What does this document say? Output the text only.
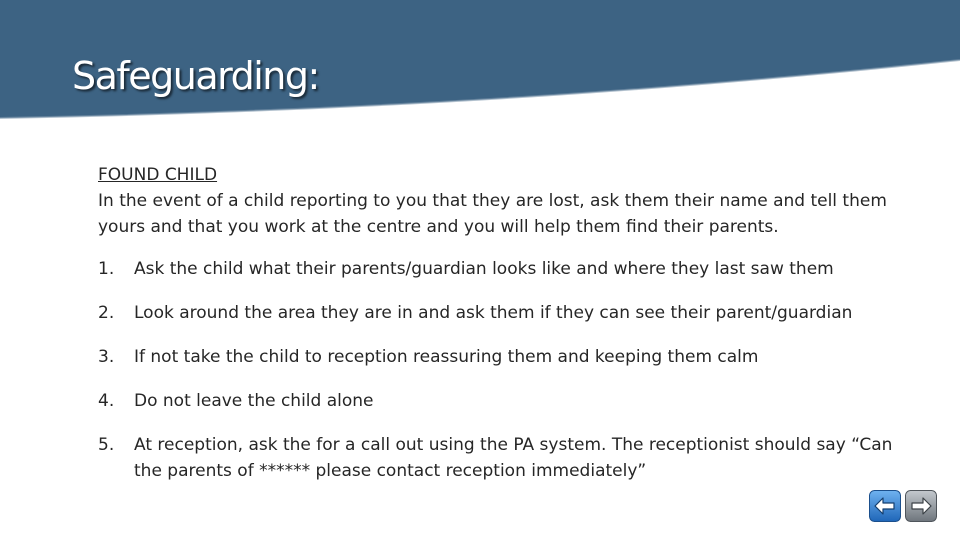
Safeguarding:
FOUND CHILD

In the event of a child reporting to you that they are lost, ask them their name and tell them yours and that you work at the centre and you will help them find their parents.

1. Ask the child what their parents/guardian looks like and where they last saw them
2. Look around the area they are in and ask them if they can see their parent/guardian
3. If not take the child to reception reassuring them and keeping them calm
4. Do not leave the child alone
5. At reception, ask the for a call out using the PA system. The receptionist should say “Can the parents of ****** please contact reception immediately”
